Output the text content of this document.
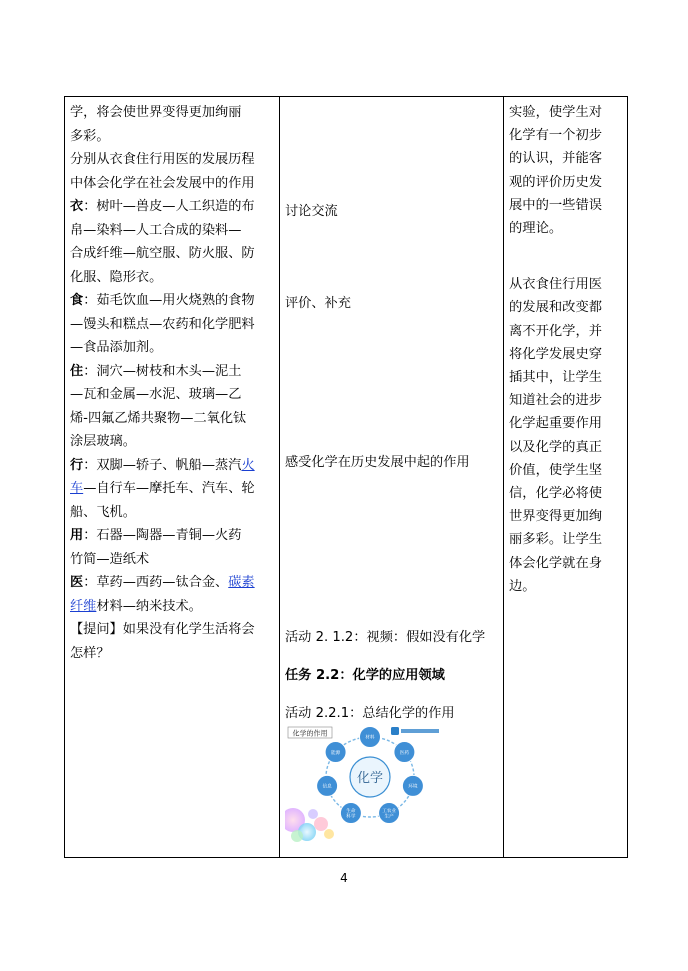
学，将会使世界变得更加绚丽

多彩。

分别从衣食住行用医的发展历程

中体会化学在社会发展中的作用

衣：树叶—兽皮—人工织造的布

帛—染料—人工合成的染料—

合成纤维—航空服、防火服、防

化服、隐形衣。

食：茹毛饮血—用火烧熟的食物

—馒头和糕点—农药和化学肥料

—食品添加剂。

住：洞穴—树枝和木头—泥土

—瓦和金属—水泥、玻璃—乙

烯-四氟乙烯共聚物—二氧化钛

涂层玻璃。

行：双脚—轿子、帆船—蒸汽火

车—自行车—摩托车、汽车、轮

船、飞机。

用：石器—陶器—青铜—火药

竹简—造纸术

医：草药—西药—钛合金、碳素

纤维材料—纳米技术。

【提问】如果没有化学生活将会

怎样？

讨论交流
评价、补充
感受化学在历史发展中起的作用
活动 2. 1.2：视频：假如没有化学
任务 2.2：化学的应用领域
活动 2.2.1：总结化学的作用
化学的作用
化学
材料
医药
环境
工农业生产
生命科学
信息
能源

实验，使学生对

化学有一个初步

的认识，并能客

观的评价历史发

展中的一些错误

的理论。

从衣食住行用医

的发展和改变都

离不开化学，并

将化学发展史穿

插其中，让学生

知道社会的进步

化学起重要作用

以及化学的真正

价值，使学生坚

信，化学必将使

世界变得更加绚

丽多彩。让学生

体会化学就在身

边。

4
